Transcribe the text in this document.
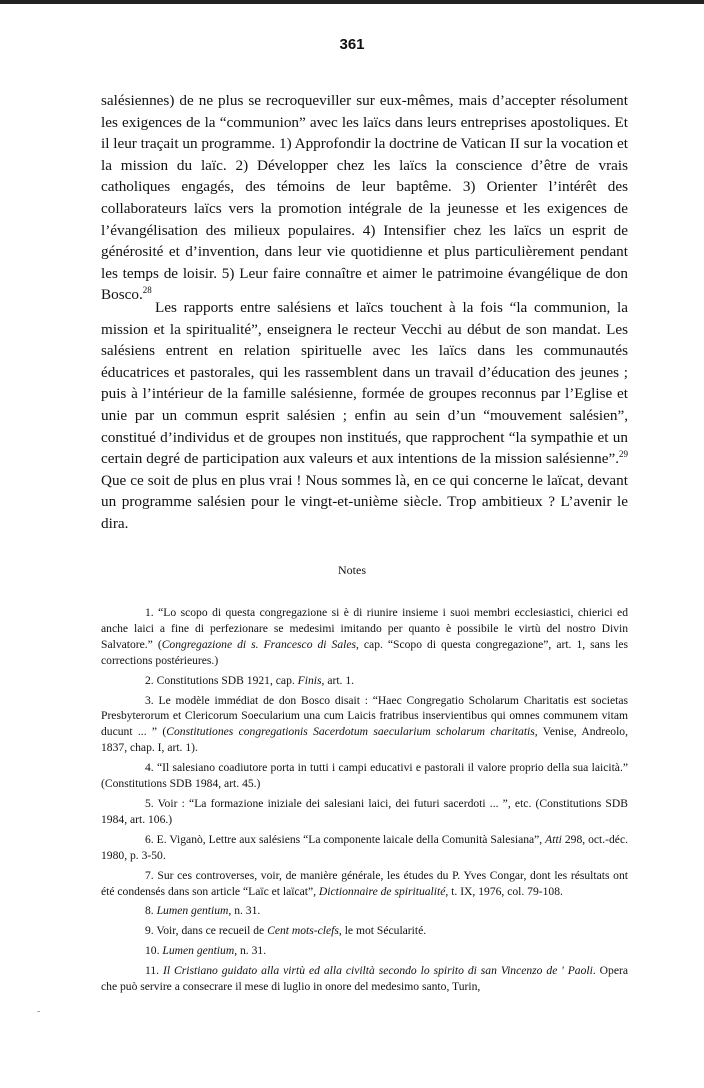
361
salésiennes) de ne plus se recroqueviller sur eux-mêmes, mais d’accepter résolument les exigences de la “communion” avec les laïcs dans leurs entreprises apostoliques. Et il leur traçait un programme. 1) Approfondir la doctrine de Vatican II sur la vocation et la mission du laïc. 2) Développer chez les laïcs la conscience d’être de vrais catholiques engagés, des témoins de leur baptême. 3) Orienter l’intérêt des collaborateurs laïcs vers la promotion intégrale de la jeunesse et les exigences de l’évangélisation des milieux populaires. 4) Intensifier chez les laïcs un esprit de générosité et d’invention, dans leur vie quotidienne et plus particulièrement pendant les temps de loisir. 5) Leur faire connaître et aimer le patrimoine évangélique de don Bosco.$^{28}$
Les rapports entre salésiens et laïcs touchent à la fois “la communion, la mission et la spiritualité”, enseignera le recteur Vecchi au début de son mandat. Les salésiens entrent en relation spirituelle avec les laïcs dans les communautés éducatrices et pastorales, qui les rassemblent dans un travail d’éducation des jeunes ; puis à l’intérieur de la famille salésienne, formée de groupes reconnus par l’Eglise et unie par un commun esprit salésien ; enfin au sein d’un “mouvement salésien”, constitué d’individus et de groupes non institués, que rapprochent “la sympathie et un certain degré de participation aux valeurs et aux intentions de la mission salésienne”.$^{29}$ Que ce soit de plus en plus vrai ! Nous sommes là, en ce qui concerne le laïcat, devant un programme salésien pour le vingt-et-unième siècle. Trop ambitieux ? L’avenir le dira.
Notes

1. “Lo scopo di questa congregazione si è di riunire insieme i suoi membri ecclesiastici, chierici ed anche laici a fine di perfezionare se medesimi imitando per quanto è possibile le virtù del nostro Divin Salvatore.” (Congregazione di s. Francesco di Sales, cap. “Scopo di questa congregazione”, art. 1, sans les corrections postérieures.)

2. Constitutions SDB 1921, cap. Finis, art. 1.

3. Le modèle immédiat de don Bosco disait : “Haec Congregatio Scholarum Charitatis est societas Presbyterorum et Clericorum Soecularium una cum Laicis fratribus inservientibus qui omnes communem vitam ducunt ... ” (Constitutiones congregationis Sacerdotum saecularium scholarum charitatis, Venise, Andreolo, 1837, chap. I, art. 1).

4. “Il salesiano coadiutore porta in tutti i campi educativi e pastorali il valore proprio della sua laicità.” (Constitutions SDB 1984, art. 45.)

5. Voir : “La formazione iniziale dei salesiani laici, dei futuri sacerdoti ... ”, etc. (Constitutions SDB 1984, art. 106.)

6. E. Viganò, Lettre aux salésiens “La componente laicale della Comunità Salesiana”, Atti 298, oct.-déc. 1980, p. 3-50.

7. Sur ces controverses, voir, de manière générale, les études du P. Yves Congar, dont les résultats ont été condensés dans son article “Laïc et laïcat”, Dictionnaire de spiritualité, t. IX, 1976, col. 79-108.

8. Lumen gentium, n. 31.

9. Voir, dans ce recueil de Cent mots-clefs, le mot Sécularité.

10. Lumen gentium, n. 31.

11. Il Cristiano guidato alla virtù ed alla civiltà secondo lo spirito di san Vincenzo de ' Paoli. Opera che può servire a consecrare il mese di luglio in onore del medesimo santo, Turin,

-
